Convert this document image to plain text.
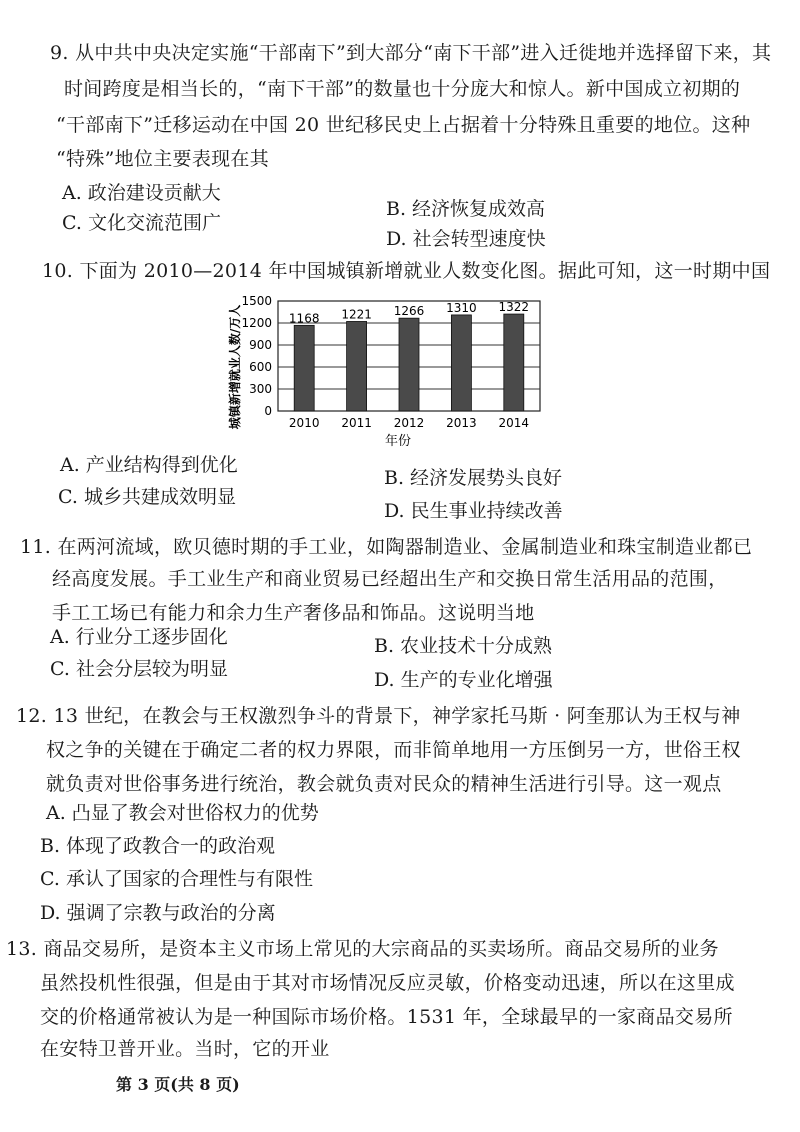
9. 从中共中央决定实施“干部南下”到大部分“南下干部”进入迁徙地并选择留下来，其
时间跨度是相当长的，“南下干部”的数量也十分庞大和惊人。新中国成立初期的
“干部南下”迁移运动在中国 20 世纪移民史上占据着十分特殊且重要的地位。这种
“特殊”地位主要表现在其
A. 政治建设贡献大
B. 经济恢复成效高
C. 文化交流范围广
D. 社会转型速度快
10. 下面为 2010—2014 年中国城镇新增就业人数变化图。据此可知，这一时期中国
1168 1221 1266 1310 1322
0
300
600
900
1200
1500
2010 2011 2012 2013 2014
城镇新增就业人数/万人
年份
A. 产业结构得到优化
B. 经济发展势头良好
C. 城乡共建成效明显
D. 民生事业持续改善
11. 在两河流域，欧贝德时期的手工业，如陶器制造业、金属制造业和珠宝制造业都已
经高度发展。手工业生产和商业贸易已经超出生产和交换日常生活用品的范围，
手工工场已有能力和余力生产奢侈品和饰品。这说明当地
A. 行业分工逐步固化	B. 农业技术十分成熟
C. 社会分层较为明显	D. 生产的专业化增强
12. 13 世纪，在教会与王权激烈争斗的背景下，神学家托马斯 · 阿奎那认为王权与神
权之争的关键在于确定二者的权力界限，而非简单地用一方压倒另一方，世俗王权
就负责对世俗事务进行统治，教会就负责对民众的精神生活进行引导。这一观点
A. 凸显了教会对世俗权力的优势
B. 体现了政教合一的政治观
C. 承认了国家的合理性与有限性
D. 强调了宗教与政治的分离
13. 商品交易所，是资本主义市场上常见的大宗商品的买卖场所。商品交易所的业务
虽然投机性很强，但是由于其对市场情况反应灵敏，价格变动迅速，所以在这里成
交的价格通常被认为是一种国际市场价格。1531 年，全球最早的一家商品交易所
在安特卫普开业。当时，它的开业
第 3 页(共 8 页)
